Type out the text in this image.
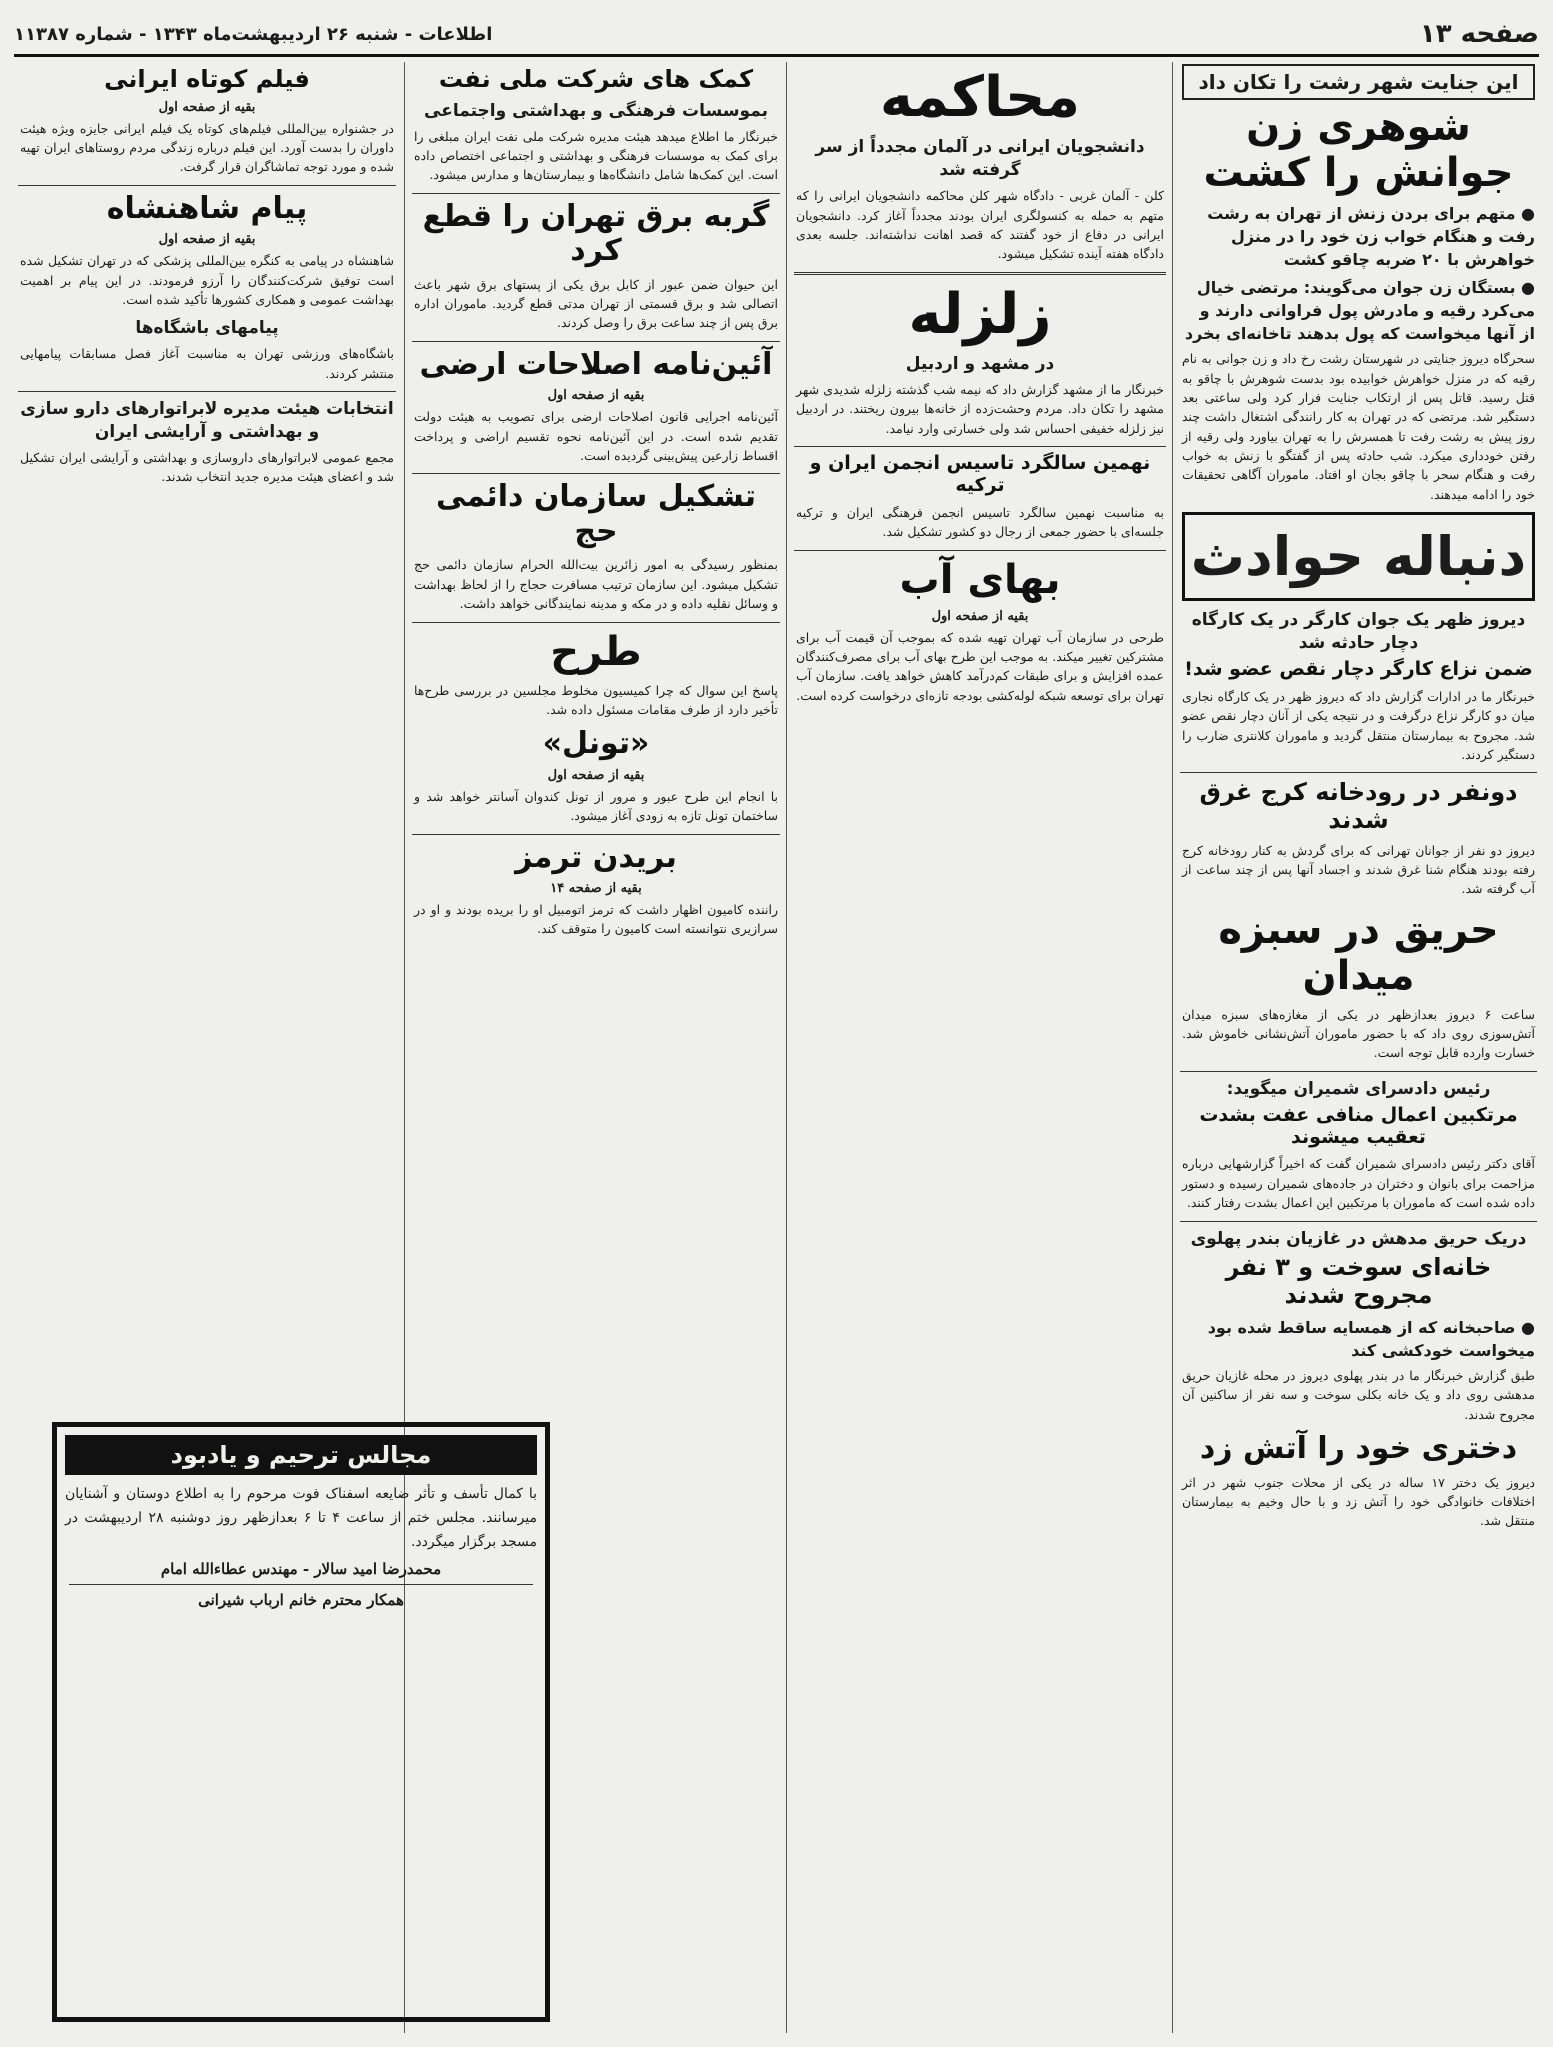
صفحه ۱۳
اطلاعات - شنبه ۲۶ اردیبهشت‌ماه ۱۳۴۳ - شماره ۱۱۳۸۷
این جنایت شهر رشت را تکان داد
شوهری زن جوانش را کشت

● متهم برای بردن زنش از تهران به رشت رفت و هنگام خواب زن خود را در منزل خواهرش با ۲۰ ضربه چاقو کشت

● بستگان زن جوان می‌گویند: مرتضی خیال می‌کرد رقیه و مادرش پول فراوانی دارند و از آنها میخواست که پول بدهند تاخانه‌ای بخرد

سحرگاه دیروز جنایتی در شهرستان رشت رخ داد و زن جوانی به نام رقیه که در منزل خواهرش خوابیده بود بدست شوهرش با چاقو به قتل رسید. قاتل پس از ارتکاب جنایت فرار کرد ولی ساعتی بعد دستگیر شد. مرتضی که در تهران به کار رانندگی اشتغال داشت چند روز پیش به رشت رفت تا همسرش را به تهران بیاورد ولی رقیه از رفتن خودداری میکرد. شب حادثه پس از گفتگو با زنش به خواب رفت و هنگام سحر با چاقو بجان او افتاد. ماموران آگاهی تحقیقات خود را ادامه میدهند.

دنباله حوادث
دیروز ظهر یک جوان کارگر در یک کارگاه دچار حادثه شد
ضمن نزاع کارگر دچار نقص عضو شد!

خبرنگار ما در ادارات گزارش داد که دیروز ظهر در یک کارگاه نجاری میان دو کارگر نزاع درگرفت و در نتیجه یکی از آنان دچار نقص عضو شد. مجروح به بیمارستان منتقل گردید و ماموران کلانتری ضارب را دستگیر کردند.

دونفر در رودخانه کرج غرق شدند

دیروز دو نفر از جوانان تهرانی که برای گردش به کنار رودخانه کرج رفته بودند هنگام شنا غرق شدند و اجساد آنها پس از چند ساعت از آب گرفته شد.

حریق در سبزه میدان

ساعت ۶ دیروز بعدازظهر در یکی از مغازه‌های سبزه میدان آتش‌سوزی روی داد که با حضور ماموران آتش‌نشانی خاموش شد. خسارت وارده قابل توجه است.

رئیس دادسرای شمیران میگوید:
مرتکبین اعمال منافی عفت بشدت تعقیب میشوند

آقای دکتر رئیس دادسرای شمیران گفت که اخیراً گزارشهایی درباره مزاحمت برای بانوان و دختران در جاده‌های شمیران رسیده و دستور داده شده است که ماموران با مرتکبین این اعمال بشدت رفتار کنند.

دریک حریق مدهش در غازیان بندر پهلوی
خانه‌ای سوخت و ۳ نفر مجروح شدند

● صاحبخانه که از همسایه ساقط شده بود میخواست خودکشی کند

طبق گزارش خبرنگار ما در بندر پهلوی دیروز در محله غازیان حریق مدهشی روی داد و یک خانه بکلی سوخت و سه نفر از ساکنین آن مجروح شدند.

دختری خود را آتش زد

دیروز یک دختر ۱۷ ساله در یکی از محلات جنوب شهر در اثر اختلافات خانوادگی خود را آتش زد و با حال وخیم به بیمارستان منتقل شد.

محاکمه
دانشجویان ایرانی در آلمان مجدداً از سر گرفته شد

کلن - آلمان غربی - دادگاه شهر کلن محاکمه دانشجویان ایرانی را که متهم به حمله به کنسولگری ایران بودند مجدداً آغاز کرد. دانشجویان ایرانی در دفاع از خود گفتند که قصد اهانت نداشته‌اند. جلسه بعدی دادگاه هفته آینده تشکیل میشود.

زلزله
در مشهد و اردبیل

خبرنگار ما از مشهد گزارش داد که نیمه شب گذشته زلزله شدیدی شهر مشهد را تکان داد. مردم وحشت‌زده از خانه‌ها بیرون ریختند. در اردبیل نیز زلزله خفیفی احساس شد ولی خسارتی وارد نیامد.

نهمین سالگرد تاسیس انجمن ایران و ترکیه

به مناسبت نهمین سالگرد تاسیس انجمن فرهنگی ایران و ترکیه جلسه‌ای با حضور جمعی از رجال دو کشور تشکیل شد.

بهای آب
بقیه از صفحه اول

طرحی در سازمان آب تهران تهیه شده که بموجب آن قیمت آب برای مشترکین تغییر میکند. به موجب این طرح بهای آب برای مصرف‌کنندگان عمده افزایش و برای طبقات کم‌درآمد کاهش خواهد یافت. سازمان آب تهران برای توسعه شبکه لوله‌کشی بودجه تازه‌ای درخواست کرده است.

کمک های شرکت ملی نفت
بموسسات فرهنگی و بهداشتی واجتماعی

خبرنگار ما اطلاع میدهد هیئت مدیره شرکت ملی نفت ایران مبلغی را برای کمک به موسسات فرهنگی و بهداشتی و اجتماعی اختصاص داده است. این کمک‌ها شامل دانشگاه‌ها و بیمارستان‌ها و مدارس میشود.

گربه برق تهران را قطع کرد

این حیوان ضمن عبور از کابل برق یکی از پستهای برق شهر باعث اتصالی شد و برق قسمتی از تهران مدتی قطع گردید. ماموران اداره برق پس از چند ساعت برق را وصل کردند.

آئین‌نامه اصلاحات ارضی
بقیه از صفحه اول

آئین‌نامه اجرایی قانون اصلاحات ارضی برای تصویب به هیئت دولت تقدیم شده است. در این آئین‌نامه نحوه تقسیم اراضی و پرداخت اقساط زارعین پیش‌بینی گردیده است.

تشکیل سازمان دائمی حج

بمنظور رسیدگی به امور زائرین بیت‌الله الحرام سازمان دائمی حج تشکیل میشود. این سازمان ترتیب مسافرت حجاج را از لحاظ بهداشت و وسائل نقلیه داده و در مکه و مدینه نمایندگانی خواهد داشت.

طرح

پاسخ این سوال که چرا کمیسیون مخلوط مجلسین در بررسی طرح‌ها تأخیر دارد از طرف مقامات مسئول داده شد.

«تونل»
بقیه از صفحه اول

با انجام این طرح عبور و مرور از تونل کندوان آسانتر خواهد شد و ساختمان تونل تازه به زودی آغاز میشود.

بریدن ترمز
بقیه از صفحه ۱۴

راننده کامیون اظهار داشت که ترمز اتومبیل او را بریده بودند و او در سرازیری نتوانسته است کامیون را متوقف کند.

فیلم کوتاه ایرانی
بقیه از صفحه اول

در جشنواره بین‌المللی فیلم‌های کوتاه یک فیلم ایرانی جایزه ویژه هیئت داوران را بدست آورد. این فیلم درباره زندگی مردم روستاهای ایران تهیه شده و مورد توجه تماشاگران قرار گرفت.

پیام شاهنشاه
بقیه از صفحه اول

شاهنشاه در پیامی به کنگره بین‌المللی پزشکی که در تهران تشکیل شده است توفیق شرکت‌کنندگان را آرزو فرمودند. در این پیام بر اهمیت بهداشت عمومی و همکاری کشورها تأکید شده است.

پیامهای باشگاه‌ها

باشگاه‌های ورزشی تهران به مناسبت آغاز فصل مسابقات پیامهایی منتشر کردند.

انتخابات هیئت مدیره لابراتوارهای دارو سازی و بهداشتی و آرایشی ایران

مجمع عمومی لابراتوارهای داروسازی و بهداشتی و آرایشی ایران تشکیل شد و اعضای هیئت مدیره جدید انتخاب شدند.

مجالس ترحیم و یادبود

با کمال تأسف و تأثر ضایعه اسفناک فوت مرحوم را به اطلاع دوستان و آشنایان میرسانند. مجلس ختم از ساعت ۴ تا ۶ بعدازظهر روز دوشنبه ۲۸ اردیبهشت در مسجد برگزار میگردد.

محمدرضا امید سالار - مهندس عطاءالله امام
همکار محترم خانم ارباب شیرانی
